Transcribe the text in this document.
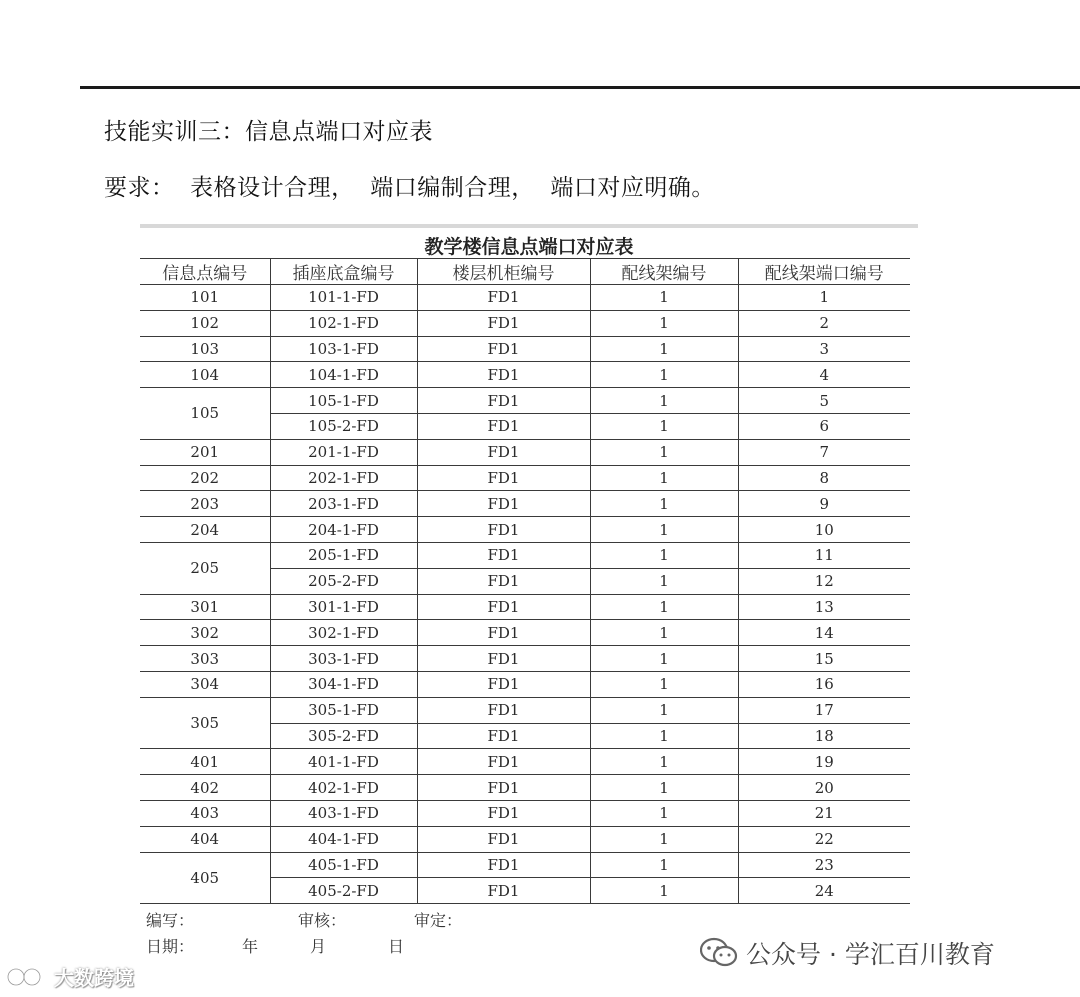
技能实训三：信息点端口对应表
要求：  表格设计合理，  端口编制合理，  端口对应明确。
教学楼信息点端口对应表
信息点编号	插座底盒编号	楼层机柜编号	配线架编号	配线架端口编号
101	101-1-FD	FD1	1	1
102	102-1-FD	FD1	1	2
103	103-1-FD	FD1	1	3
104	104-1-FD	FD1	1	4
105	105-1-FD	FD1	1	5
	105-2-FD	FD1	1	6
201	201-1-FD	FD1	1	7
202	202-1-FD	FD1	1	8
203	203-1-FD	FD1	1	9
204	204-1-FD	FD1	1	10
205	205-1-FD	FD1	1	11
	205-2-FD	FD1	1	12
301	301-1-FD	FD1	1	13
302	302-1-FD	FD1	1	14
303	303-1-FD	FD1	1	15
304	304-1-FD	FD1	1	16
305	305-1-FD	FD1	1	17
	305-2-FD	FD1	1	18
401	401-1-FD	FD1	1	19
402	402-1-FD	FD1	1	20
403	403-1-FD	FD1	1	21
404	404-1-FD	FD1	1	22
405	405-1-FD	FD1	1	23
	405-2-FD	FD1	1	24
编写：	审核：	审定：
日期：	年	月	日	公众号 · 学汇百川教育
大数跨境
